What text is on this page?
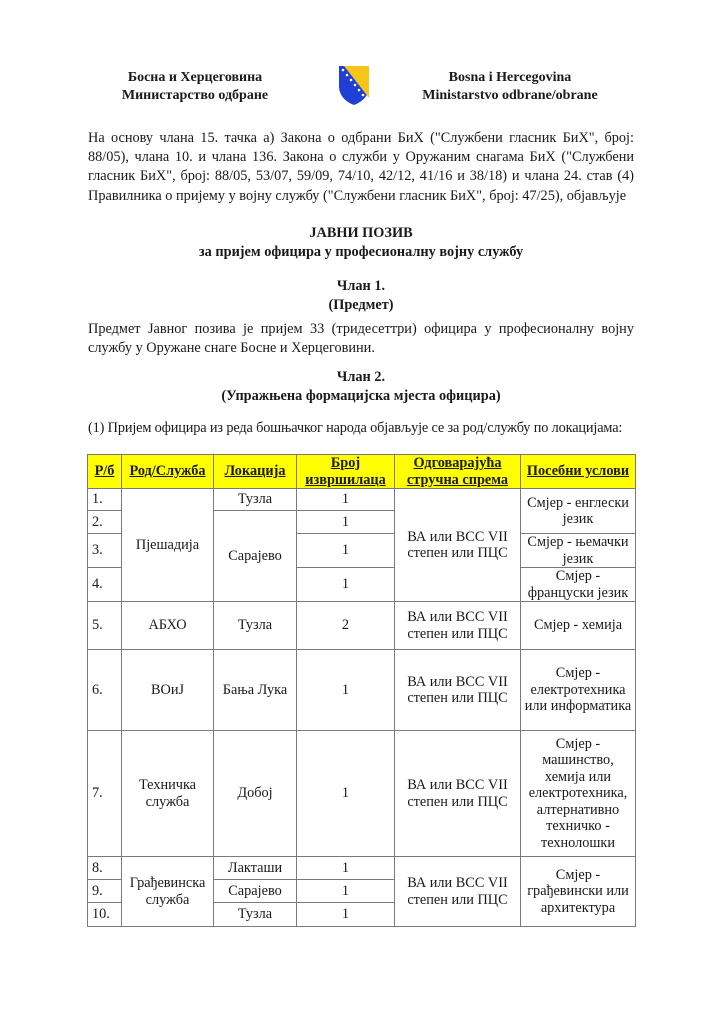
Босна и Херцеговина
Министарство одбране
Bosna i Hercegovina
Ministarstvo odbrane/obrane
На основу члана 15. тачка а) Закона о одбрани БиХ ("Службени гласник БиХ", број: 88/05), члана 10. и члана 136. Закона о служби у Оружаним снагама БиХ ("Службени гласник БиХ", број: 88/05, 53/07, 59/09, 74/10, 42/12, 41/16 и 38/18) и члана 24. став (4) Правилника о пријему у војну службу ("Службени гласник БиХ", број: 47/25), објављује
ЈАВНИ ПОЗИВ
за пријем официра у професионалну војну службу
Члан 1.
(Предмет)
Предмет Јавног позива је пријем 33 (тридесеттри) официра у професионалну војну службу у Оружане снаге Босне и Херцеговини.
Члан 2.
(Упражњена формацијска мјеста официра)
(1) Пријем официра из реда бошњачког народа објављује се за род/службу по локацијама:
Р/б	Род/Служба	Локација	Број извршилаца	Одговарајућа стручна спрема	Посебни услови
1.	Пјешадија	Тузла	1	ВА или ВСС VII степен или ПЦС	Смјер - енглески језик
2.		Сарајево	1		
3.			1		Смјер - њемачки језик
4.			1		Смјер - француски језик
5.	АБХО	Тузла	2	ВА или ВСС VII степен или ПЦС	Смјер - хемија
6.	ВОиЈ	Бања Лука	1	ВА или ВСС VII степен или ПЦС	Смјер - електротехника или информатика
7.	Техничка служба	Добој	1	ВА или ВСС VII степен или ПЦС	Смјер - машинство, хемија или електротехника, алтернативно техничко - технолошки
8.	Грађевинска служба	Лакташи	1	ВА или ВСС VII степен или ПЦС	Смјер - грађевински или архитектура
9.		Сарајево	1		
10.		Тузла	1		
